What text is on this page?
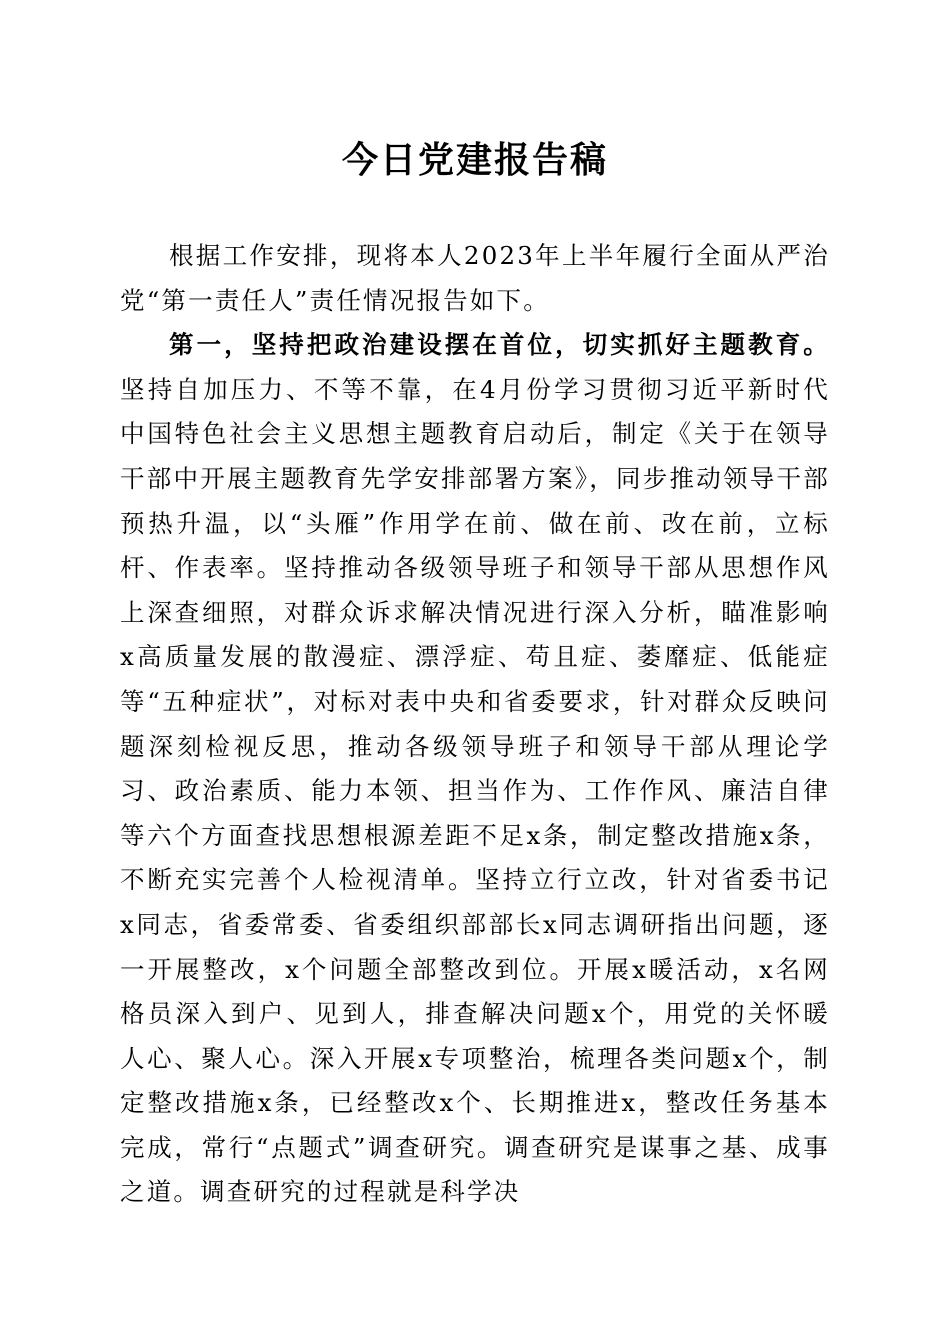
今日党建报告稿

根据工作安排，现将本人2023年上半年履行全面从严治党“第一责任人”责任情况报告如下。

第一，坚持把政治建设摆在首位，切实抓好主题教育。坚持自加压力、不等不靠，在4月份学习贯彻习近平新时代中国特色社会主义思想主题教育启动后，制定《关于在领导干部中开展主题教育先学安排部署方案》，同步推动领导干部预热升温，以“头雁”作用学在前、做在前、改在前，立标杆、作表率。坚持推动各级领导班子和领导干部从思想作风上深查细照，对群众诉求解决情况进行深入分析，瞄准影响x高质量发展的散漫症、漂浮症、苟且症、萎靡症、低能症等“五种症状”，对标对表中央和省委要求，针对群众反映问题深刻检视反思，推动各级领导班子和领导干部从理论学习、政治素质、能力本领、担当作为、工作作风、廉洁自律等六个方面查找思想根源差距不足x条，制定整改措施x条，不断充实完善个人检视清单。坚持立行立改，针对省委书记x同志，省委常委、省委组织部部长x同志调研指出问题，逐一开展整改，x个问题全部整改到位。开展x暖活动，x名网格员深入到户、见到人，排查解决问题x个，用党的关怀暖人心、聚人心。深入开展x专项整治，梳理各类问题x个，制定整改措施x条，已经整改x个、长期推进x，整改任务基本完成，常行“点题式”调查研究。调查研究是谋事之基、成事之道。调查研究的过程就是科学决
